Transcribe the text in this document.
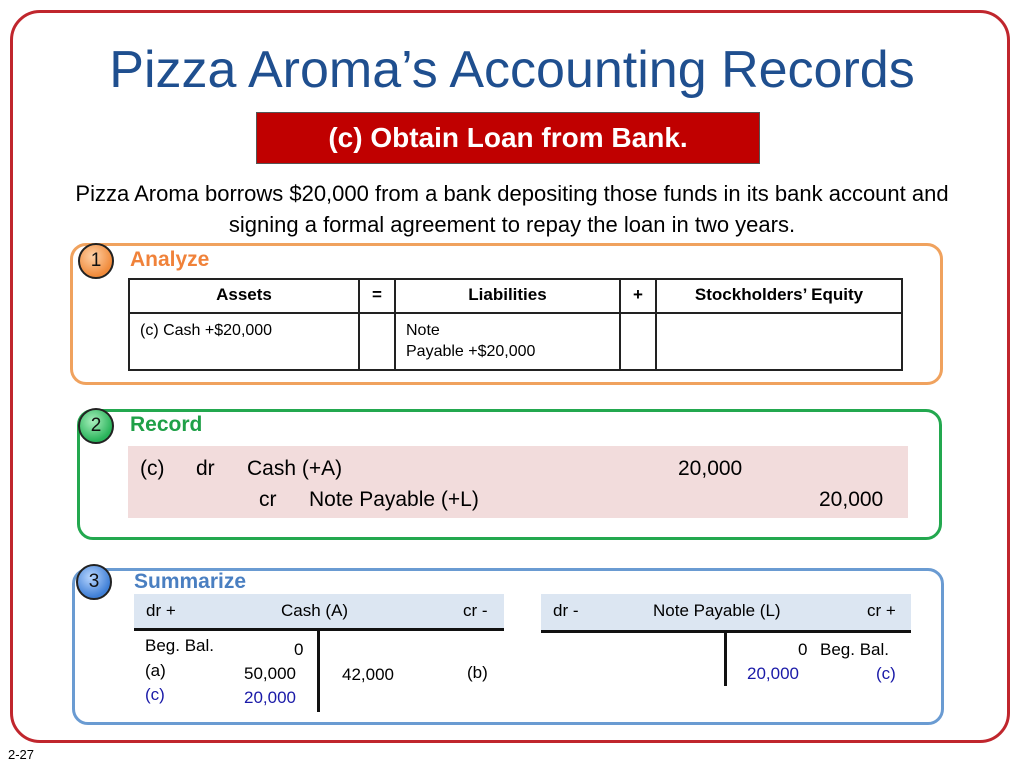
Pizza Aroma’s Accounting Records
(c) Obtain Loan from Bank.
Pizza Aroma borrows $20,000 from a bank depositing those funds in its bank account and signing a formal agreement to repay the loan in two years.
1	Analyze
Assets	=	Liabilities	+	Stockholders’ Equity
(c) Cash +$20,000	Note
Payable +$20,000
2	Record
(c) dr Cash (+A)	20,000
cr Note Payable (+L)	20,000
3	Summarize
dr +	Cash (A)	cr -
Beg. Bal.	0
(a)	50,000
(c)	20,000
42,000	(b)
dr -	Note Payable (L)	cr +
0 Beg. Bal.
20,000	(c)
2-27
